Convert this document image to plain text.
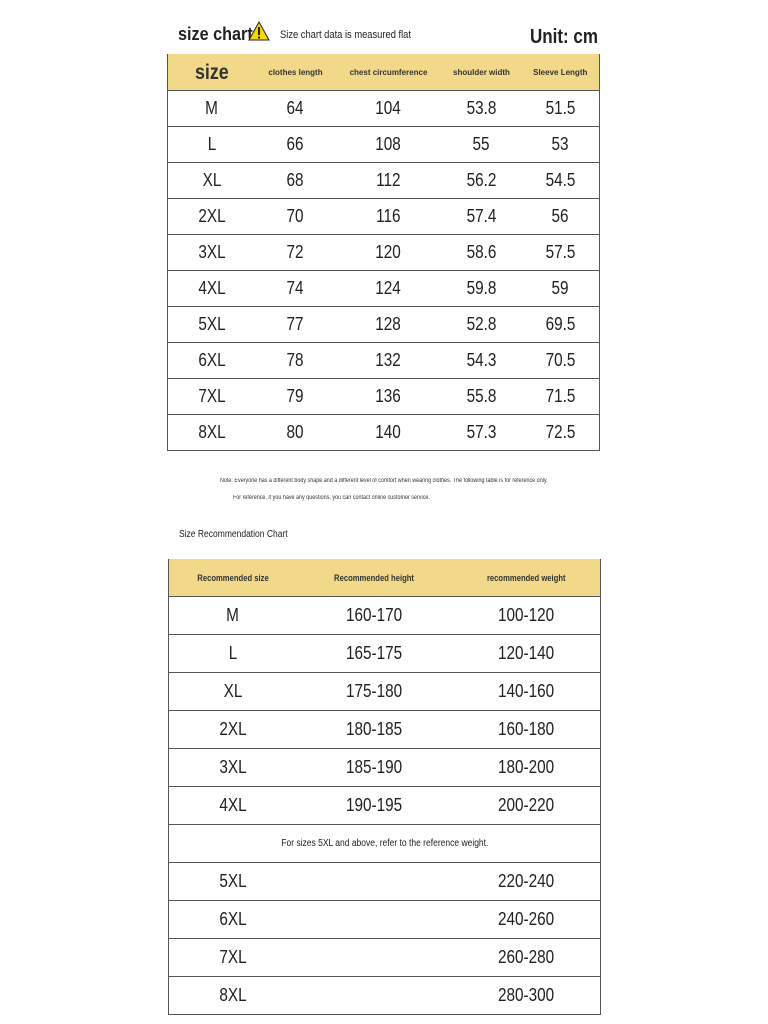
size chart Size chart data is measured flat	Unit: cm
size	clothes length	chest circumference	shoulder width	Sleeve Length
M	64	104	53.8	51.5
L	66	108	55	53
XL	68	112	56.2	54.5
2XL	70	116	57.4	56
3XL	72	120	58.6	57.5
4XL	74	124	59.8	59
5XL	77	128	52.8	69.5
6XL	78	132	54.3	70.5
7XL	79	136	55.8	71.5
8XL	80	140	57.3	72.5
Note: Everyone has a different body shape and a different level of comfort when wearing clothes. The following table is for reference only.
For reference, if you have any questions, you can contact online customer service.
Size Recommendation Chart
Recommended size	Recommended height	recommended weight
M	160-170	100-120
L	165-175	120-140
XL	175-180	140-160
2XL	180-185	160-180
3XL	185-190	180-200
4XL	190-195	200-220
For sizes 5XL and above, refer to the reference weight.		
5XL		220-240
6XL		240-260
7XL		260-280
8XL		280-300
